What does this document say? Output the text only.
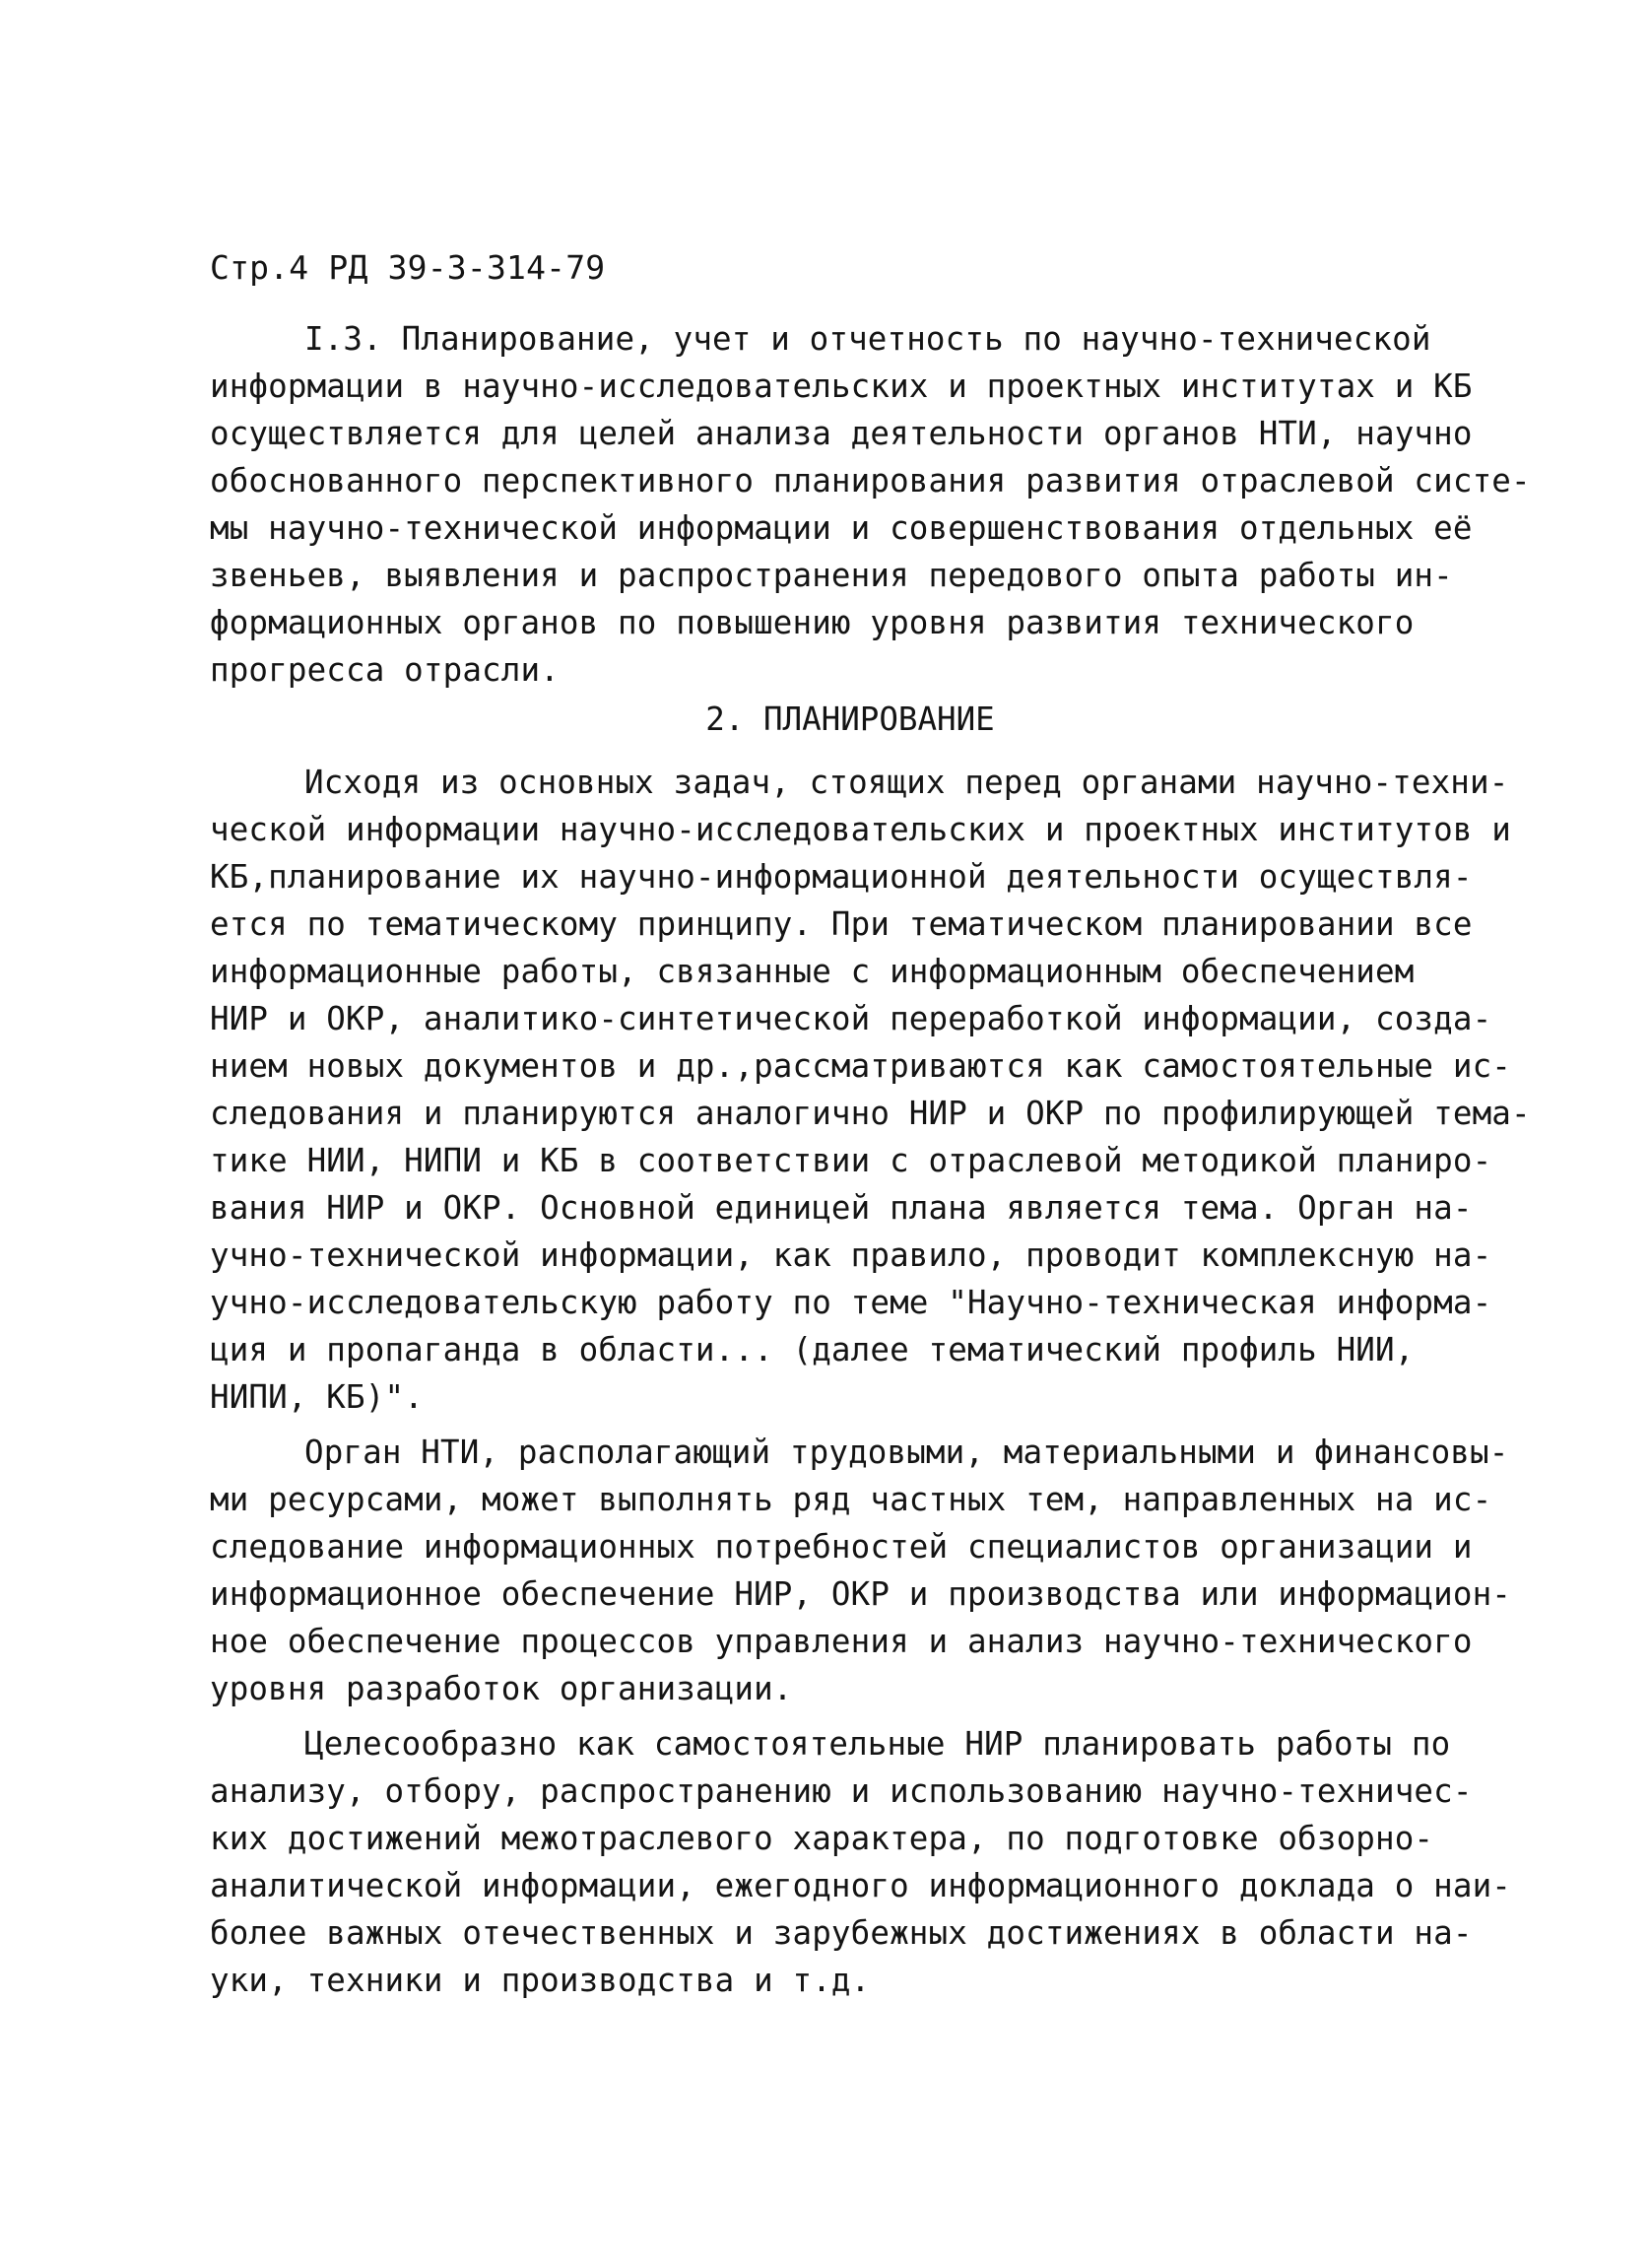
Стр.4 РД 39-3-314-79
I.3. Планирование, учет и отчетность по научно-технической
информации в научно-исследовательских и проектных институтах и КБ
осуществляется для целей анализа деятельности органов НТИ, научно
обоснованного перспективного планирования развития отраслевой систе-
мы научно-технической информации и совершенствования отдельных её
звеньев, выявления и распространения передового опыта работы ин-
формационных органов по повышению уровня развития технического
прогресса отрасли.
2. ПЛАНИРОВАНИЕ
Исходя из основных задач, стоящих перед органами научно-техни-
ческой информации научно-исследовательских и проектных институтов и
КБ,планирование их научно-информационной деятельности осуществля-
ется по тематическому принципу. При тематическом планировании все
информационные работы, связанные с информационным обеспечением
НИР и ОКР, аналитико-синтетической переработкой информации, созда-
нием новых документов и др.,рассматриваются как самостоятельные ис-
следования и планируются аналогично НИР и ОКР по профилирующей тема-
тике НИИ, НИПИ и КБ в соответствии с отраслевой методикой планиро-
вания НИР и ОКР. Основной единицей плана является тема. Орган на-
учно-технической информации, как правило, проводит комплексную на-
учно-исследовательскую работу по теме "Научно-техническая информа-
ция и пропаганда в области... (далее тематический профиль НИИ,
НИПИ, КБ)".
Орган НТИ, располагающий трудовыми, материальными и финансовы-
ми ресурсами, может выполнять ряд частных тем, направленных на ис-
следование информационных потребностей специалистов организации и
информационное обеспечение НИР, ОКР и производства или информацион-
ное обеспечение процессов управления и анализ научно-технического
уровня разработок организации.
Целесообразно как самостоятельные НИР планировать работы по
анализу, отбору, распространению и использованию научно-техничес-
ких достижений межотраслевого характера, по подготовке обзорно-
аналитической информации, ежегодного информационного доклада о наи-
более важных отечественных и зарубежных достижениях в области на-
уки, техники и производства и т.д.
